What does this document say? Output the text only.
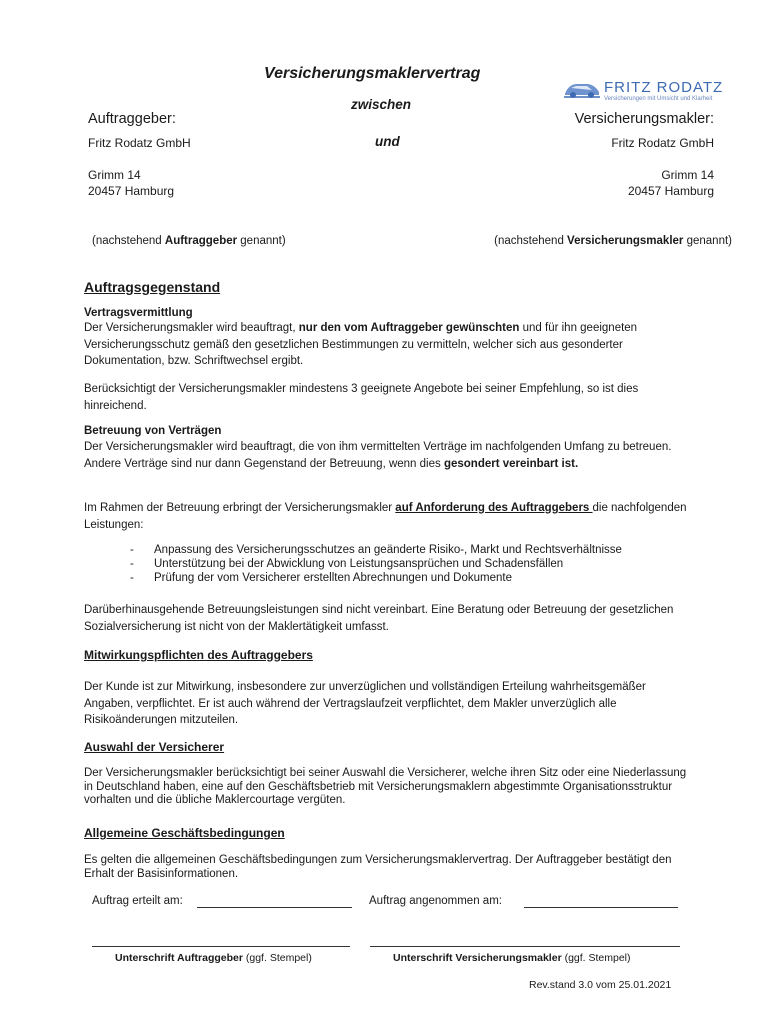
FRITZ RODATZ
Versicherungen mit Umsicht und Klarheit
Versicherungsmaklervertrag
zwischen
und
Auftraggeber:
Fritz Rodatz GmbH
Grimm 14
20457 Hamburg
(nachstehend Auftraggeber genannt)
Versicherungsmakler:
Fritz Rodatz GmbH
Grimm 14
20457 Hamburg
(nachstehend Versicherungsmakler genannt)
Auftragsgegenstand
Vertragsvermittlung
Der Versicherungsmakler wird beauftragt, nur den vom Auftraggeber gewünschten und für ihn geeigneten Versicherungsschutz gemäß den gesetzlichen Bestimmungen zu vermitteln, welcher sich aus gesonderter Dokumentation, bzw. Schriftwechsel ergibt.
Berücksichtigt der Versicherungsmakler mindestens 3 geeignete Angebote bei seiner Empfehlung, so ist dies hinreichend.
Betreuung von Verträgen
Der Versicherungsmakler wird beauftragt, die von ihm vermittelten Verträge im nachfolgenden Umfang zu betreuen. Andere Verträge sind nur dann Gegenstand der Betreuung, wenn dies gesondert vereinbart ist.
Im Rahmen der Betreuung erbringt der Versicherungsmakler auf Anforderung des Auftraggebers die nachfolgenden Leistungen:
- Anpassung des Versicherungsschutzes an geänderte Risiko-, Markt und Rechtsverhältnisse
- Unterstützung bei der Abwicklung von Leistungsansprüchen und Schadensfällen
- Prüfung der vom Versicherer erstellten Abrechnungen und Dokumente
Darüberhinausgehende Betreuungsleistungen sind nicht vereinbart. Eine Beratung oder Betreuung der gesetzlichen Sozialversicherung ist nicht von der Maklertätigkeit umfasst.
Mitwirkungspflichten des Auftraggebers
Der Kunde ist zur Mitwirkung, insbesondere zur unverzüglichen und vollständigen Erteilung wahrheitsgemäßer Angaben, verpflichtet. Er ist auch während der Vertragslaufzeit verpflichtet, dem Makler unverzüglich alle Risikoänderungen mitzuteilen.
Auswahl der Versicherer
Der Versicherungsmakler berücksichtigt bei seiner Auswahl die Versicherer, welche ihren Sitz oder eine Niederlassung in Deutschland haben, eine auf den Geschäftsbetrieb mit Versicherungsmaklern abgestimmte Organisationsstruktur vorhalten und die übliche Maklercourtage vergüten.
Allgemeine Geschäftsbedingungen
Es gelten die allgemeinen Geschäftsbedingungen zum Versicherungsmaklervertrag. Der Auftraggeber bestätigt den Erhalt der Basisinformationen.
Auftrag erteilt am:	Auftrag angenommen am:
Unterschrift Auftraggeber (ggf. Stempel)	Unterschrift Versicherungsmakler (ggf. Stempel)
Rev.stand 3.0 vom 25.01.2021
